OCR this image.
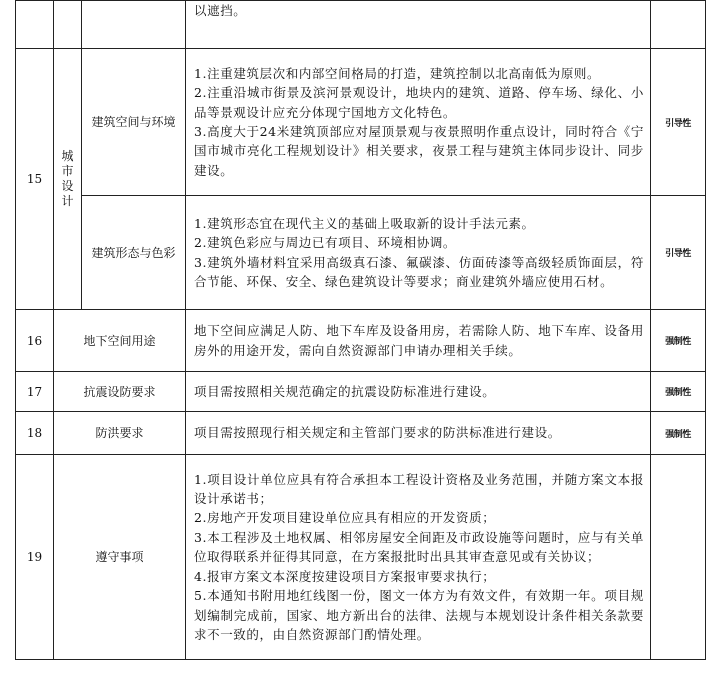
			以遮挡。	
15	城市设计	建筑空间与环境	1.注重建筑层次和内部空间格局的打造，建筑控制以北高南低为原则。
2.注重沿城市街景及滨河景观设计，地块内的建筑、道路、停车场、绿化、小品等景观设计应充分体现宁国地方文化特色。
3.高度大于24米建筑顶部应对屋顶景观与夜景照明作重点设计，同时符合《宁国市城市亮化工程规划设计》相关要求，夜景工程与建筑主体同步设计、同步建设。	引导性
		建筑形态与色彩	1.建筑形态宜在现代主义的基础上吸取新的设计手法元素。
2.建筑色彩应与周边已有项目、环境相协调。
3.建筑外墙材料宜采用高级真石漆、氟碳漆、仿面砖漆等高级轻质饰面层，符合节能、环保、安全、绿色建筑设计等要求；商业建筑外墙应使用石材。	引导性
16	地下空间用途		地下空间应满足人防、地下车库及设备用房，若需除人防、地下车库、设备用房外的用途开发，需向自然资源部门申请办理相关手续。	强制性
17	抗震设防要求		项目需按照相关规范确定的抗震设防标准进行建设。	强制性
18	防洪要求		项目需按照现行相关规定和主管部门要求的防洪标准进行建设。	强制性
19	遵守事项		1.项目设计单位应具有符合承担本工程设计资格及业务范围，并随方案文本报设计承诺书；
2.房地产开发项目建设单位应具有相应的开发资质；
3.本工程涉及土地权属、相邻房屋安全间距及市政设施等问题时，应与有关单位取得联系并征得其同意，在方案报批时出具其审查意见或有关协议；
4.报审方案文本深度按建设项目方案报审要求执行；
5.本通知书附用地红线图一份，图文一体方为有效文件，有效期一年。项目规划编制完成前，国家、地方新出台的法律、法规与本规划设计条件相关条款要求不一致的，由自然资源部门酌情处理。	
